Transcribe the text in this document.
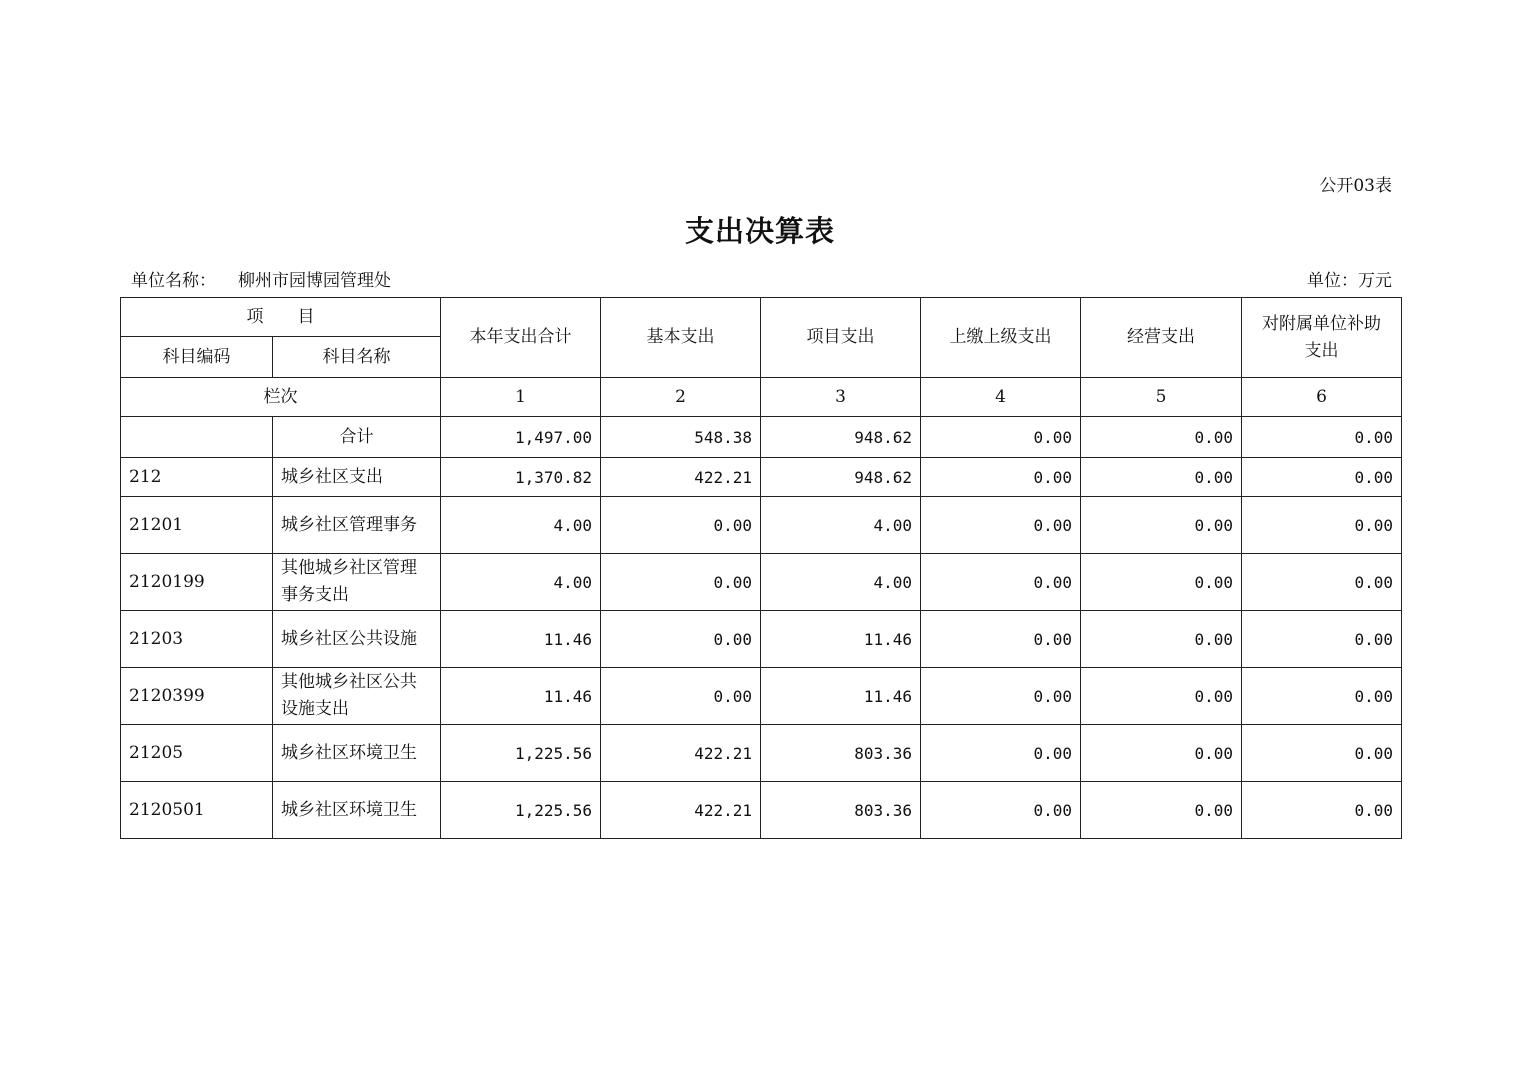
公开03表
支出决算表
单位名称： 柳州市园博园管理处	单位：万元
项　　目		本年支出合计	基本支出	项目支出	上缴上级支出	经营支出	对附属单位补助支出
科目编码	科目名称						
栏次		1	2	3	4	5	6
	合计	1,497.00	548.38	948.62	0.00	0.00	0.00
212	城乡社区支出	1,370.82	422.21	948.62	0.00	0.00	0.00
21201	城乡社区管理事务	4.00	0.00	4.00	0.00	0.00	0.00
2120199	其他城乡社区管理事务支出	4.00	0.00	4.00	0.00	0.00	0.00
21203	城乡社区公共设施	11.46	0.00	11.46	0.00	0.00	0.00
2120399	其他城乡社区公共设施支出	11.46	0.00	11.46	0.00	0.00	0.00
21205	城乡社区环境卫生	1,225.56	422.21	803.36	0.00	0.00	0.00
2120501	城乡社区环境卫生	1,225.56	422.21	803.36	0.00	0.00	0.00
